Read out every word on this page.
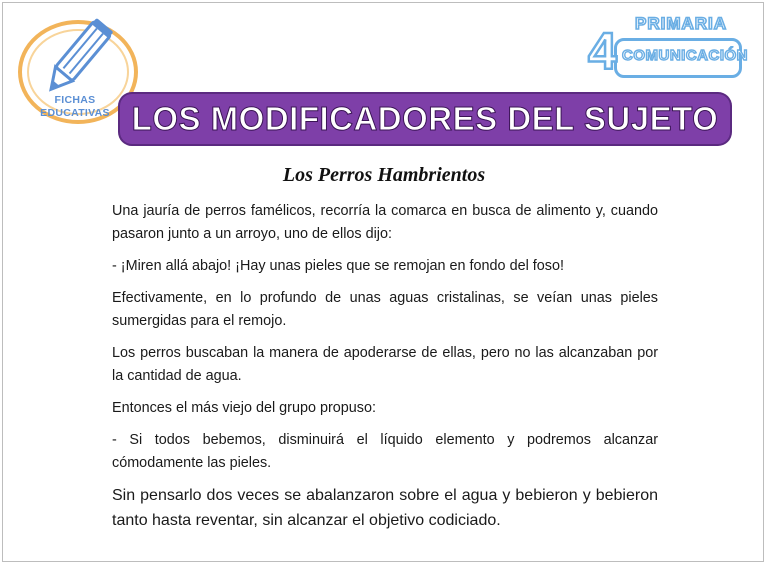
FICHAS
EDUCATIVAS
PRIMARIA
4 COMUNICACIÓN
LOS MODIFICADORES DEL SUJETO
Los Perros Hambrientos

Una jauría de perros famélicos, recorría la comarca en busca de alimento y, cuando pasaron junto a un arroyo, uno de ellos dijo:

- ¡Miren allá abajo! ¡Hay unas pieles que se remojan en fondo del foso!

Efectivamente, en lo profundo de unas aguas cristalinas, se veían unas pieles sumergidas para el remojo.

Los perros buscaban la manera de apoderarse de ellas, pero no las alcanzaban por la cantidad de agua.

Entonces el más viejo del grupo propuso:

- Si todos bebemos, disminuirá el líquido elemento y podremos alcanzar cómodamente las pieles.

Sin pensarlo dos veces se abalanzaron sobre el agua y bebieron y bebieron tanto hasta reventar, sin alcanzar el objetivo codiciado.
